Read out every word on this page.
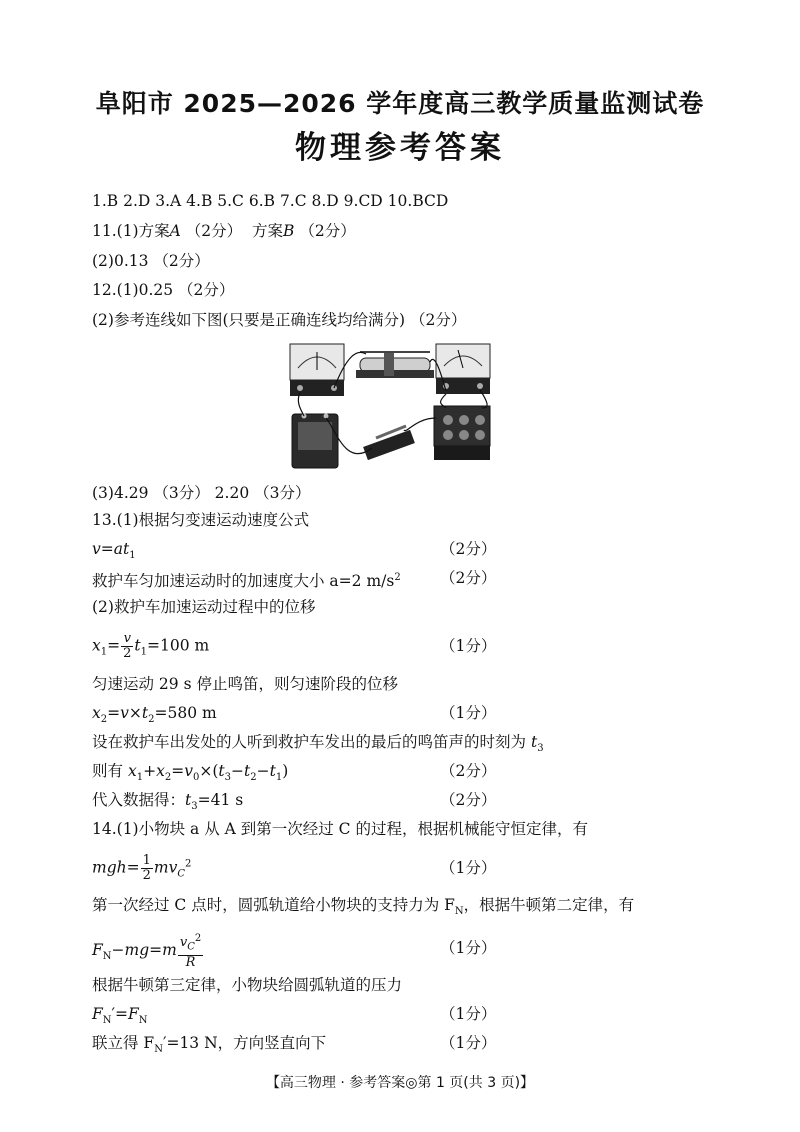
阜阳市 2025—2026 学年度高三教学质量监测试卷
物理参考答案
1.B 2.D 3.A 4.B 5.C 6.B 7.C 8.D 9.CD 10.BCD
11.(1)方案A （2分） 方案B （2分）
(2)0.13 （2分）
12.(1)0.25 （2分）
(2)参考连线如下图(只要是正确连线均给满分) （2分）
(3)4.29 （3分） 2.20 （3分）
13.(1)根据匀变速运动速度公式
$v=at_1$	（2分）
救护车匀加速运动时的加速度大小 a=2 $m/s^2$	（2分）
(2)救护车加速运动过程中的位移
$x_1= \frac{v}{2} t_1=100$ m	（1分）
匀速运动 29 s 停止鸣笛，则匀速阶段的位移
$x_2=v\times t_2=580$ m	（1分）
设在救护车出发处的人听到救护车发出的最后的鸣笛声的时刻为 $t_3$
则有 $x_1+x_2=v_0\times(t_3-t_2-t_1)$	（2分）
代入数据得：$t_3=41$ s	（2分）
14.(1)小物块 a 从 A 到第一次经过 C 的过程，根据机械能守恒定律，有
$mgh= \frac{1}{2} mv_C^2$	（1分）
第一次经过 C 点时，圆弧轨道给小物块的支持力为 $F_N$，根据牛顿第二定律，有
$F_N-mg=m \frac{v_C^2}{R}$	（1分）
根据牛顿第三定律，小物块给圆弧轨道的压力
$F_N'=F_N$	（1分）
联立得 $F_N'=13$ N，方向竖直向下	（1分）
【高三物理 · 参考答案◎第 1 页(共 3 页)】
